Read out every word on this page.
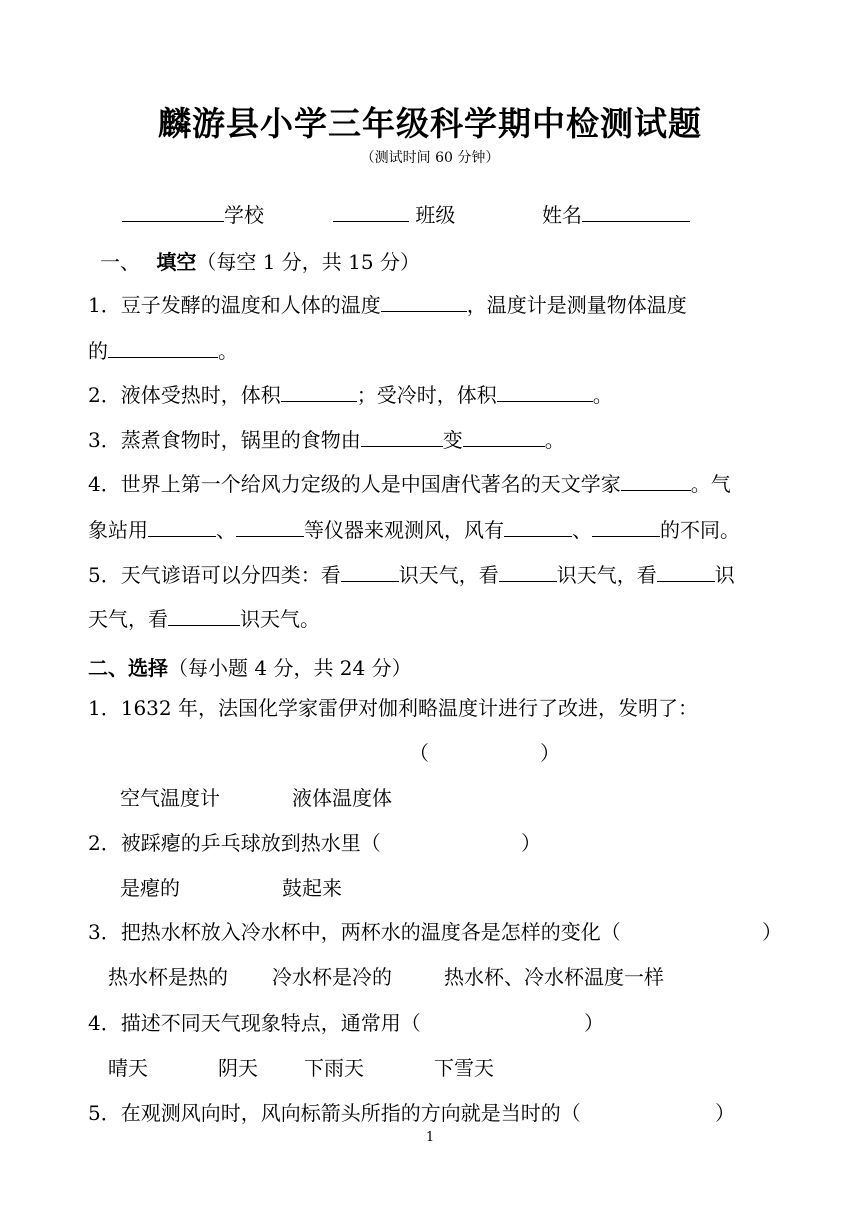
麟游县小学三年级科学期中检测试题
（测试时间 60 分钟）
学校	班级	姓名
一、 填空（每空 1 分，共 15 分）
1．豆子发酵的温度和人体的温度	，温度计是测量物体温度
的	。
2．液体受热时，体积	；受冷时，体积	。
3．蒸煮食物时，锅里的食物由	变	。
4．世界上第一个给风力定级的人是中国唐代著名的天文学家	。气
象站用	、	等仪器来观测风，风有	、	的不同。
5．天气谚语可以分四类：看	识天气，看	识天气，看	识
天气，看	识天气。
二、选择（每小题 4 分，共 24 分）
1．1632 年，法国化学家雷伊对伽利略温度计进行了改进，发明了：
（	）
空气温度计	液体温度体
2．被踩瘪的乒乓球放到热水里（	）
是瘪的	鼓起来
3．把热水杯放入冷水杯中，两杯水的温度各是怎样的变化（	）
热水杯是热的 冷水杯是冷的	热水杯、冷水杯温度一样
4．描述不同天气现象特点，通常用（	）
晴天	阴天 下雨天	下雪天
5．在观测风向时，风向标箭头所指的方向就是当时的（	）
1
